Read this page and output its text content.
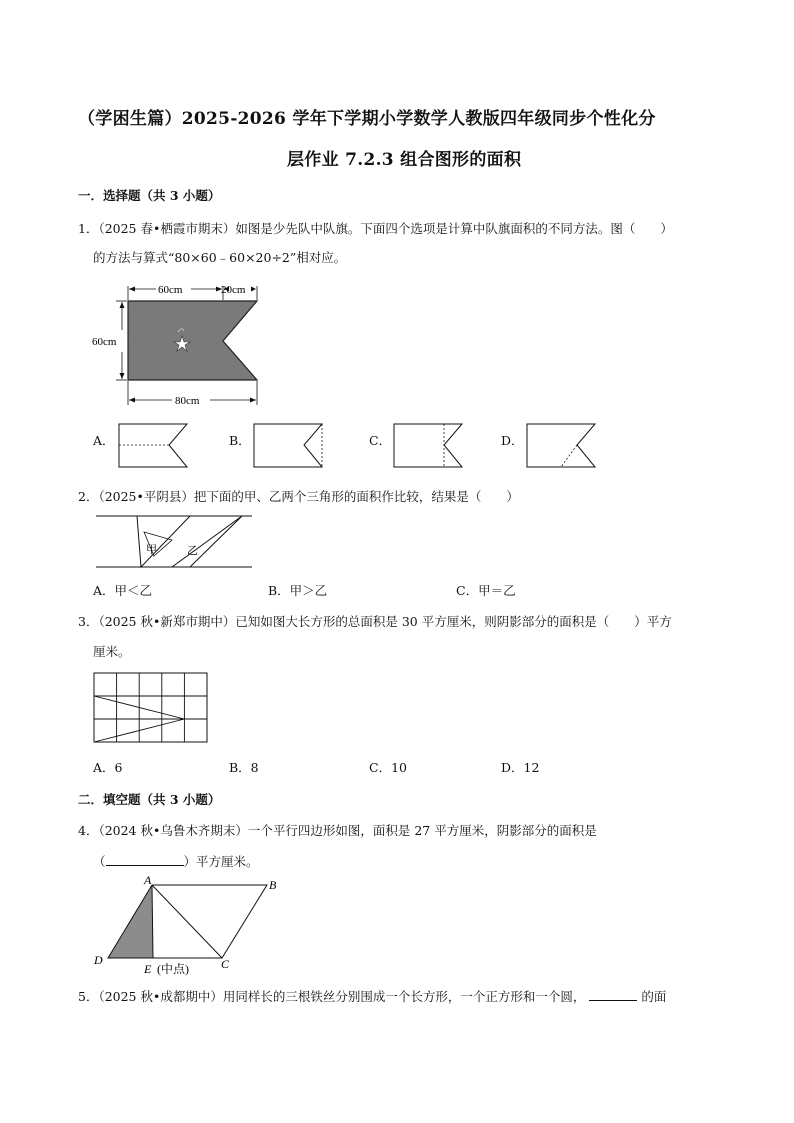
（学困生篇）2025-2026 学年下学期小学数学人教版四年级同步个性化分
层作业 7.2.3 组合图形的面积
一．选择题（共 3 小题）
1．（2025 春•栖霞市期末）如图是少先队中队旗。下面四个选项是计算中队旗面积的不同方法。图（　　）
的方法与算式“80×60﹣60×20÷2”相对应。
60cm	20cm
60cm
80cm
A．	B．	C．	D．
2．（2025•平阴县）把下面的甲、乙两个三角形的面积作比较，结果是（　　）
甲	乙
A．甲＜乙	B．甲＞乙	C．甲＝乙
3．（2025 秋•新郑市期中）已知如图大长方形的总面积是 30 平方厘米，则阴影部分的面积是（　　）平方
厘米。
A．6	B．8	C．10	D．12
二．填空题（共 3 小题）
4．（2024 秋•乌鲁木齐期末）一个平行四边形如图，面积是 27 平方厘米，阴影部分的面积是
（	）平方厘米。
A	B
C
D
E (中点)
5．（2025 秋•成都期中）用同样长的三根铁丝分别围成一个长方形，一个正方形和一个圆，	的面
